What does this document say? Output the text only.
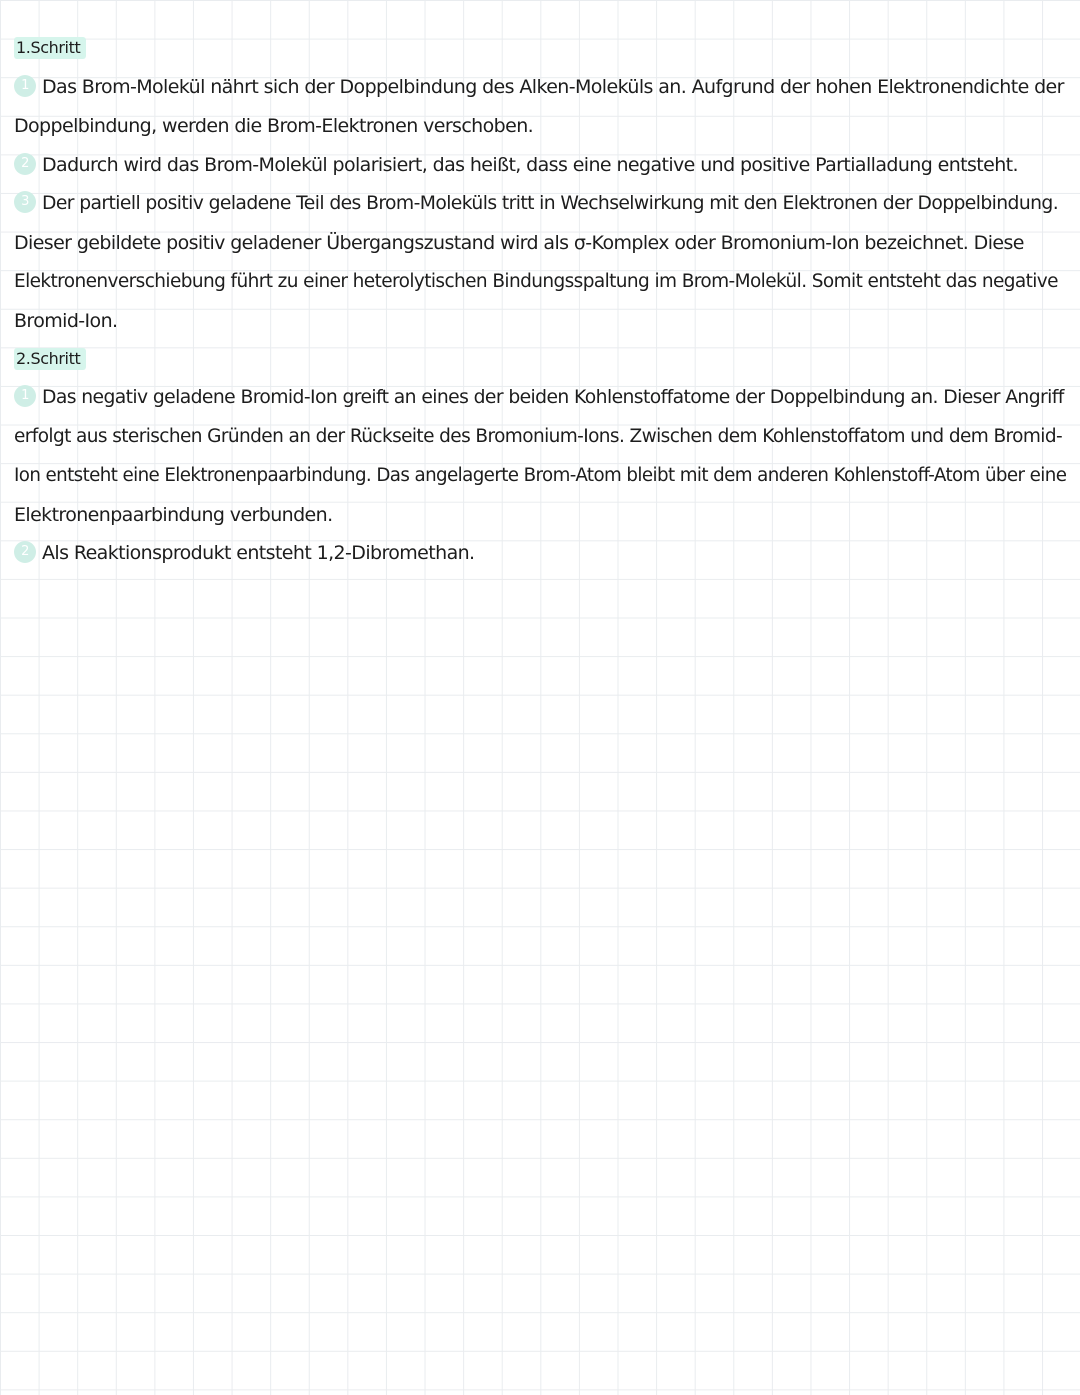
1.Schritt
1 Das Brom-Molekül nährt sich der Doppelbindung des Alken-Moleküls an. Aufgrund der hohen Elektronendichte der
Doppelbindung, werden die Brom-Elektronen verschoben.
2 Dadurch wird das Brom-Molekül polarisiert, das heißt, dass eine negative und positive Partialladung entsteht.
3 Der partiell positiv geladene Teil des Brom-Moleküls tritt in Wechselwirkung mit den Elektronen der Doppelbindung.
Dieser gebildete positiv geladener Übergangszustand wird als σ-Komplex oder Bromonium-Ion bezeichnet. Diese
Elektronenverschiebung führt zu einer heterolytischen Bindungsspaltung im Brom-Molekül. Somit entsteht das negative
Bromid-Ion.
2.Schritt
1 Das negativ geladene Bromid-Ion greift an eines der beiden Kohlenstoffatome der Doppelbindung an. Dieser Angriff
erfolgt aus sterischen Gründen an der Rückseite des Bromonium-Ions. Zwischen dem Kohlenstoffatom und dem Bromid-
Ion entsteht eine Elektronenpaarbindung. Das angelagerte Brom-Atom bleibt mit dem anderen Kohlenstoff-Atom über eine
Elektronenpaarbindung verbunden.
2 Als Reaktionsprodukt entsteht 1,2-Dibromethan.
